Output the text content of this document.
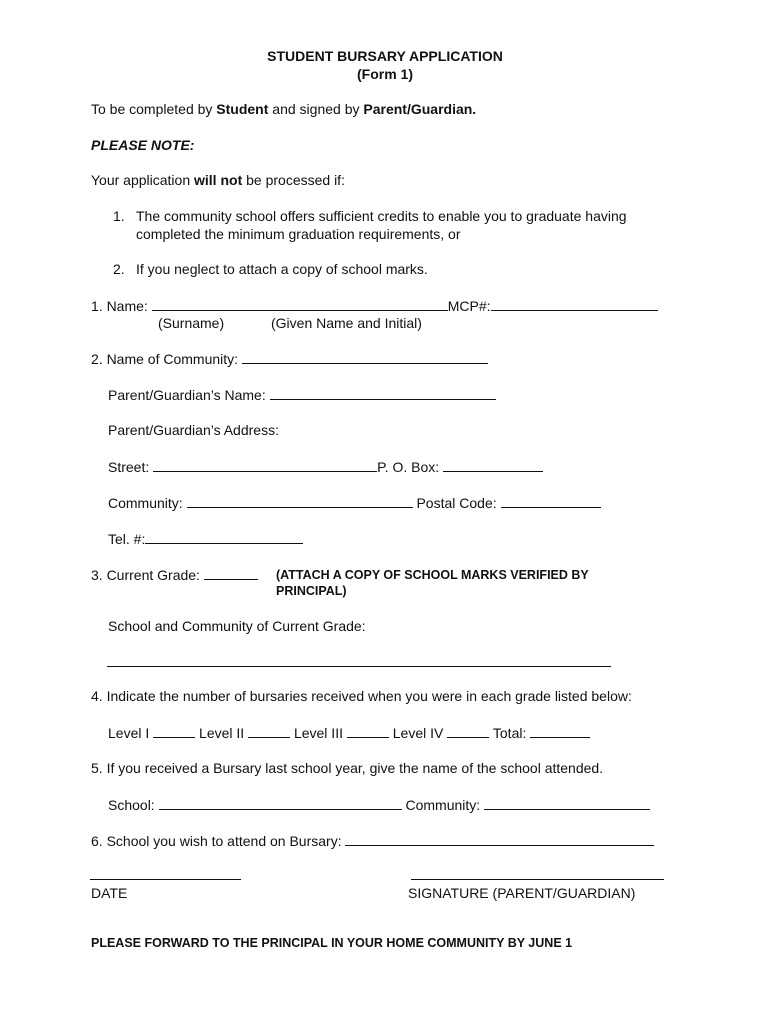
STUDENT BURSARY APPLICATION
(Form 1)
To be completed by Student and signed by Parent/Guardian.
PLEASE NOTE:
Your application will not be processed if:
1. The community school offers sufficient credits to enable you to graduate having
completed the minimum graduation requirements, or
2. If you neglect to attach a copy of school marks.
1. Name:	MCP#:
(Surname)	(Given Name and Initial)
2. Name of Community:
Parent/Guardian’s Name:
Parent/Guardian’s Address:
Street:	P. O. Box:
Community:	Postal Code:
Tel. #:
3. Current Grade:	(ATTACH A COPY OF SCHOOL MARKS VERIFIED BY
PRINCIPAL)
School and Community of Current Grade:
4. Indicate the number of bursaries received when you were in each grade listed below:
Level I	Level II	Level III	Level IV	Total:
5. If you received a Bursary last school year, give the name of the school attended.
School:	Community:
6. School you wish to attend on Bursary:
DATE	SIGNATURE (PARENT/GUARDIAN)
PLEASE FORWARD TO THE PRINCIPAL IN YOUR HOME COMMUNITY BY JUNE 1
